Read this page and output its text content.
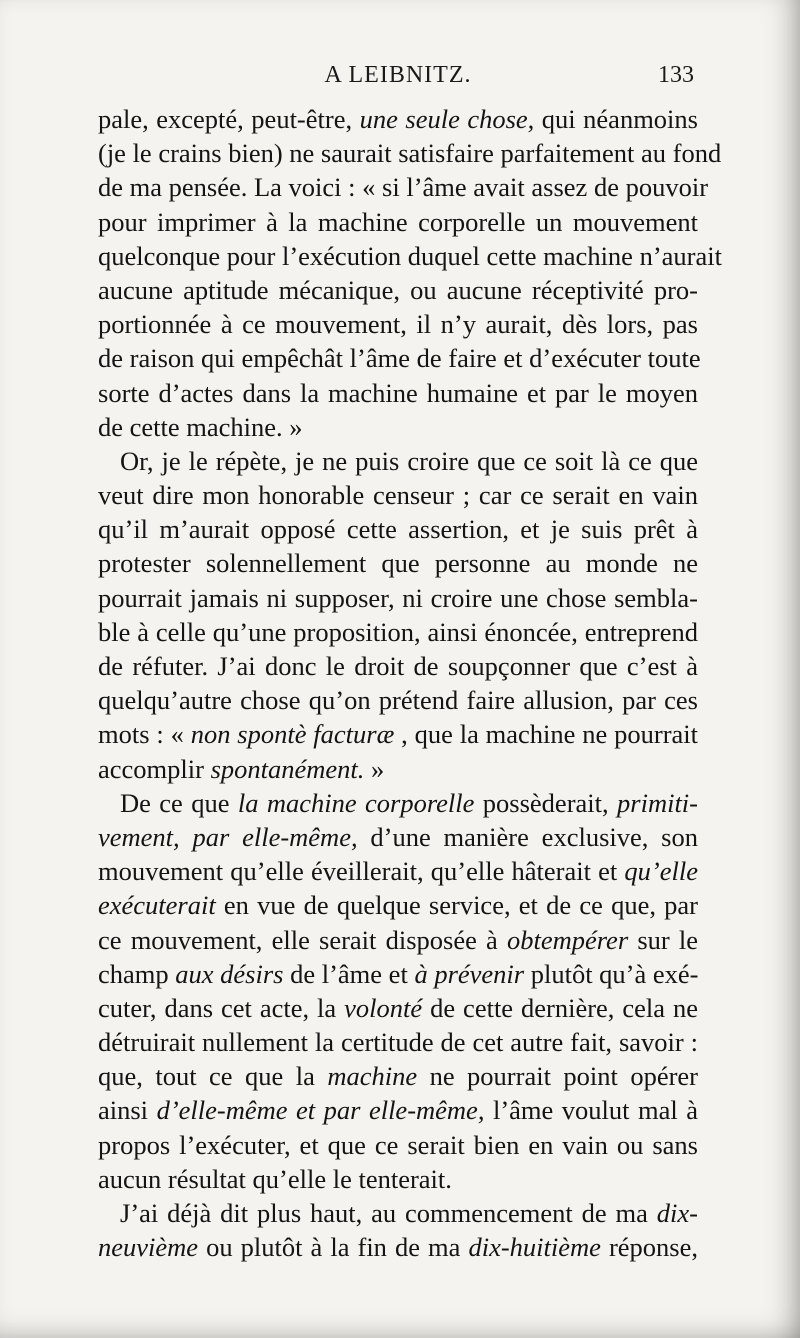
A LEIBNITZ.	133
pale, excepté, peut-être, une seule chose, qui néanmoins
(je le crains bien) ne saurait satisfaire parfaitement au fond
de ma pensée. La voici : « si l’âme avait assez de pouvoir
pour imprimer à la machine corporelle un mouvement
quelconque pour l’exécution duquel cette machine n’aurait
aucune aptitude mécanique, ou aucune réceptivité pro-
portionnée à ce mouvement, il n’y aurait, dès lors, pas
de raison qui empêchât l’âme de faire et d’exécuter toute
sorte d’actes dans la machine humaine et par le moyen
de cette machine. »
Or, je le répète, je ne puis croire que ce soit là ce que
veut dire mon honorable censeur ; car ce serait en vain
qu’il m’aurait opposé cette assertion, et je suis prêt à
protester solennellement que personne au monde ne
pourrait jamais ni supposer, ni croire une chose sembla-
ble à celle qu’une proposition, ainsi énoncée, entreprend
de réfuter. J’ai donc le droit de soupçonner que c’est à
quelqu’autre chose qu’on prétend faire allusion, par ces
mots : « non spontè facturæ , que la machine ne pourrait
accomplir spontanément. »
De ce que la machine corporelle possèderait, primiti-
vement, par elle-même, d’une manière exclusive, son
mouvement qu’elle éveillerait, qu’elle hâterait et qu’elle
exécuterait en vue de quelque service, et de ce que, par
ce mouvement, elle serait disposée à obtempérer sur le
champ aux désirs de l’âme et à prévenir plutôt qu’à exé-
cuter, dans cet acte, la volonté de cette dernière, cela ne
détruirait nullement la certitude de cet autre fait, savoir :
que, tout ce que la machine ne pourrait point opérer
ainsi d’elle-même et par elle-même, l’âme voulut mal à
propos l’exécuter, et que ce serait bien en vain ou sans
aucun résultat qu’elle le tenterait.
J’ai déjà dit plus haut, au commencement de ma dix-
neuvième ou plutôt à la fin de ma dix-huitième réponse,
